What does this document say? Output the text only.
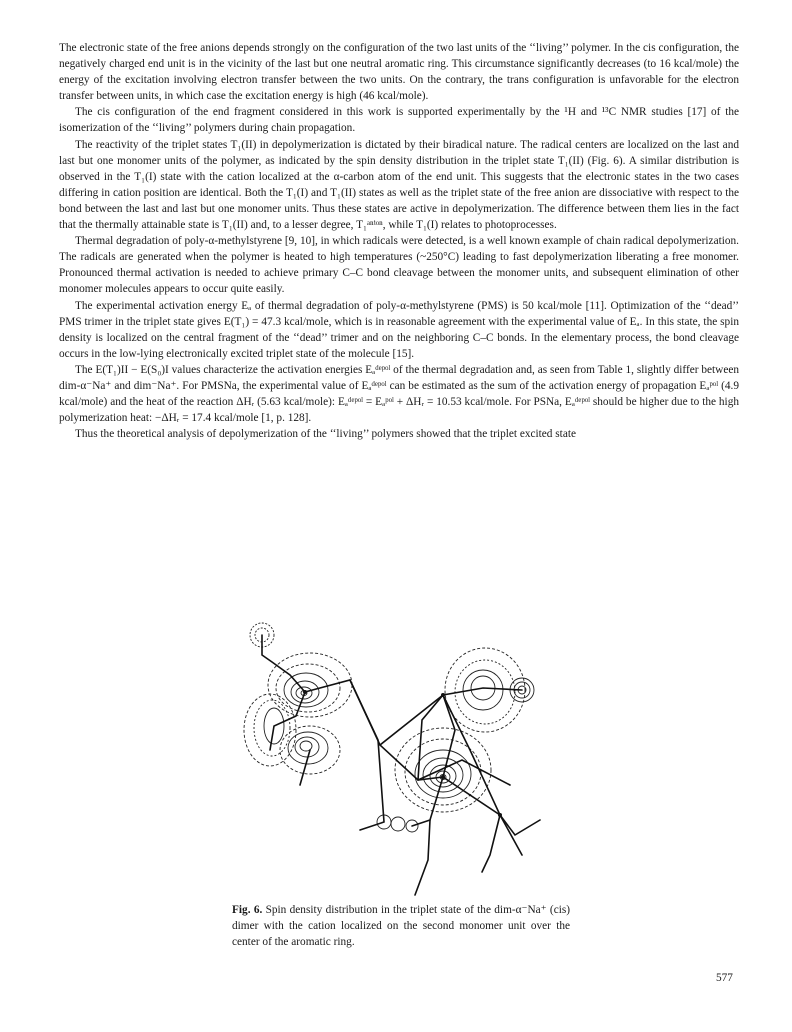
The electronic state of the free anions depends strongly on the configuration of the two last units of the ‘‘living’’ polymer. In the cis configuration, the negatively charged end unit is in the vicinity of the last but one neutral aromatic ring. This circumstance significantly decreases (to 16 kcal/mole) the energy of the excitation involving electron transfer between the two units. On the contrary, the trans configuration is unfavorable for the electron transfer between units, in which case the excitation energy is high (46 kcal/mole).

The cis configuration of the end fragment considered in this work is supported experimentally by the ¹H and ¹³C NMR studies [17] of the isomerization of the ‘‘living’’ polymers during chain propagation.

The reactivity of the triplet states T₁(II) in depolymerization is dictated by their biradical nature. The radical centers are localized on the last and last but one monomer units of the polymer, as indicated by the spin density distribution in the triplet state T₁(II) (Fig. 6). A similar distribution is observed in the T₁(I) state with the cation localized at the α-carbon atom of the end unit. This suggests that the electronic states in the two cases differing in cation position are identical. Both the T₁(I) and T₁(II) states as well as the triplet state of the free anion are dissociative with respect to the bond between the last and last but one monomer units. Thus these states are active in depolymerization. The difference between them lies in the fact that the thermally attainable state is T₁(II) and, to a lesser degree, T₁ᵃⁿⁱᵒⁿ, while T₁(I) relates to photoprocesses.

Thermal degradation of poly-α-methylstyrene [9, 10], in which radicals were detected, is a well known example of chain radical depolymerization. The radicals are generated when the polymer is heated to high temperatures (~250°C) leading to fast depolymerization liberating a free monomer. Pronounced thermal activation is needed to achieve primary C–C bond cleavage between the monomer units, and subsequent elimination of other monomer molecules appears to occur quite easily.

The experimental activation energy Eₐ of thermal degradation of poly-α-methylstyrene (PMS) is 50 kcal/mole [11]. Optimization of the ‘‘dead’’ PMS trimer in the triplet state gives E(T₁) = 47.3 kcal/mole, which is in reasonable agreement with the experimental value of Eₐ. In this state, the spin density is localized on the central fragment of the ‘‘dead’’ trimer and on the neighboring C–C bonds. In the elementary process, the bond cleavage occurs in the low-lying electronically excited triplet state of the molecule [15].

The E(T₁)II − E(S₀)I values characterize the activation energies Eₐᵈᵉᵖᵒˡ of the thermal degradation and, as seen from Table 1, slightly differ between dim-α⁻Na⁺ and dim⁻Na⁺. For PMSNa, the experimental value of Eₐᵈᵉᵖᵒˡ can be estimated as the sum of the activation energy of propagation Eₐᵖᵒˡ (4.9 kcal/mole) and the heat of the reaction ΔHᵣ (5.63 kcal/mole): Eₐᵈᵉᵖᵒˡ = Eₐᵖᵒˡ + ΔHᵣ = 10.53 kcal/mole. For PSNa, Eₐᵈᵉᵖᵒˡ should be higher due to the high polymerization heat: −ΔHᵣ = 17.4 kcal/mole [1, p. 128].

Thus the theoretical analysis of depolymerization of the ‘‘living’’ polymers showed that the triplet excited state

Fig. 6. Spin density distribution in the triplet state of the dim-α⁻Na⁺ (cis) dimer with the cation localized on the second monomer unit over the center of the aromatic ring.
577
